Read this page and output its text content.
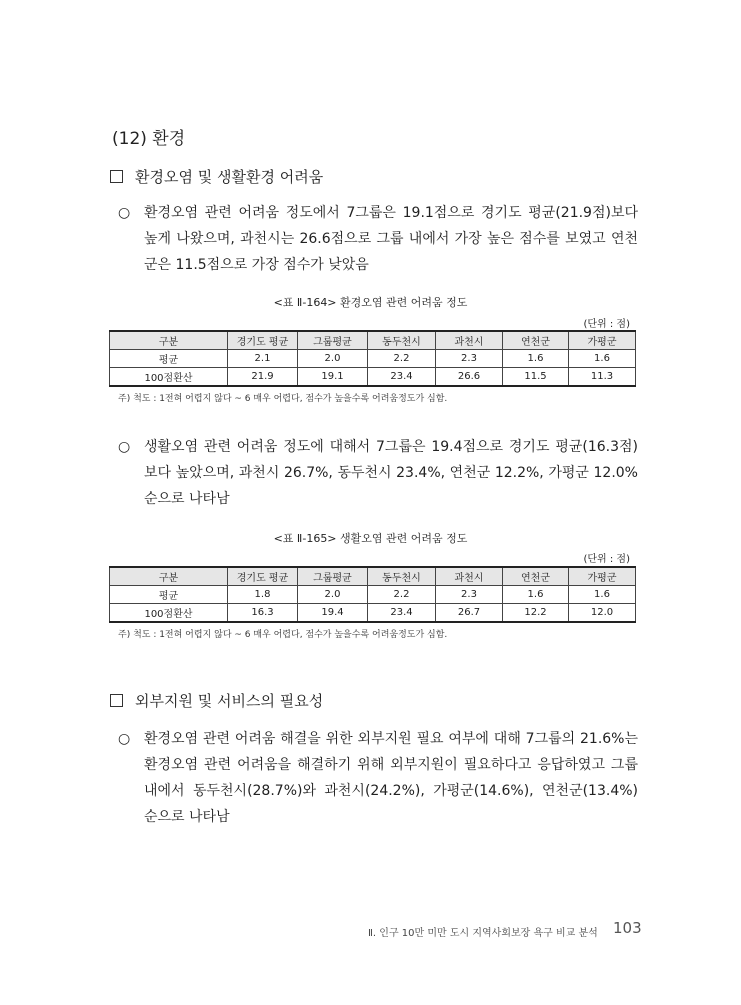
(12) 환경
환경오염 및 생활환경 어려움
○ 환경오염 관련 어려움 정도에서 7그룹은 19.1점으로 경기도 평균(21.9점)보다 높게 나왔으며, 과천시는 26.6점으로 그룹 내에서 가장 높은 점수를 보였고 연천군은 11.5점으로 가장 점수가 낮았음
<표 Ⅱ-164> 환경오염 관련 어려움 정도
(단위 : 점)
구분	경기도 평균	그룹평균	동두천시	과천시	연천군	가평군
평균	2.1	2.0	2.2	2.3	1.6	1.6
100점환산	21.9	19.1	23.4	26.6	11.5	11.3
주) 척도 : 1전혀 어렵지 않다 ~ 6 매우 어렵다, 점수가 높을수록 어려움정도가 심함.
○ 생활오염 관련 어려움 정도에 대해서 7그룹은 19.4점으로 경기도 평균(16.3점)보다 높았으며, 과천시 26.7%, 동두천시 23.4%, 연천군 12.2%, 가평군 12.0% 순으로 나타남
<표 Ⅱ-165> 생활오염 관련 어려움 정도
(단위 : 점)
구분	경기도 평균	그룹평균	동두천시	과천시	연천군	가평군
평균	1.8	2.0	2.2	2.3	1.6	1.6
100점환산	16.3	19.4	23.4	26.7	12.2	12.0
주) 척도 : 1전혀 어렵지 않다 ~ 6 매우 어렵다, 점수가 높을수록 어려움정도가 심함.
외부지원 및 서비스의 필요성
○ 환경오염 관련 어려움 해결을 위한 외부지원 필요 여부에 대해 7그룹의 21.6%는 환경오염 관련 어려움을 해결하기 위해 외부지원이 필요하다고 응답하였고 그룹 내에서 동두천시(28.7%)와 과천시(24.2%), 가평군(14.6%), 연천군(13.4%) 순으로 나타남
Ⅱ. 인구 10만 미만 도시 지역사회보장 욕구 비교 분석 103
